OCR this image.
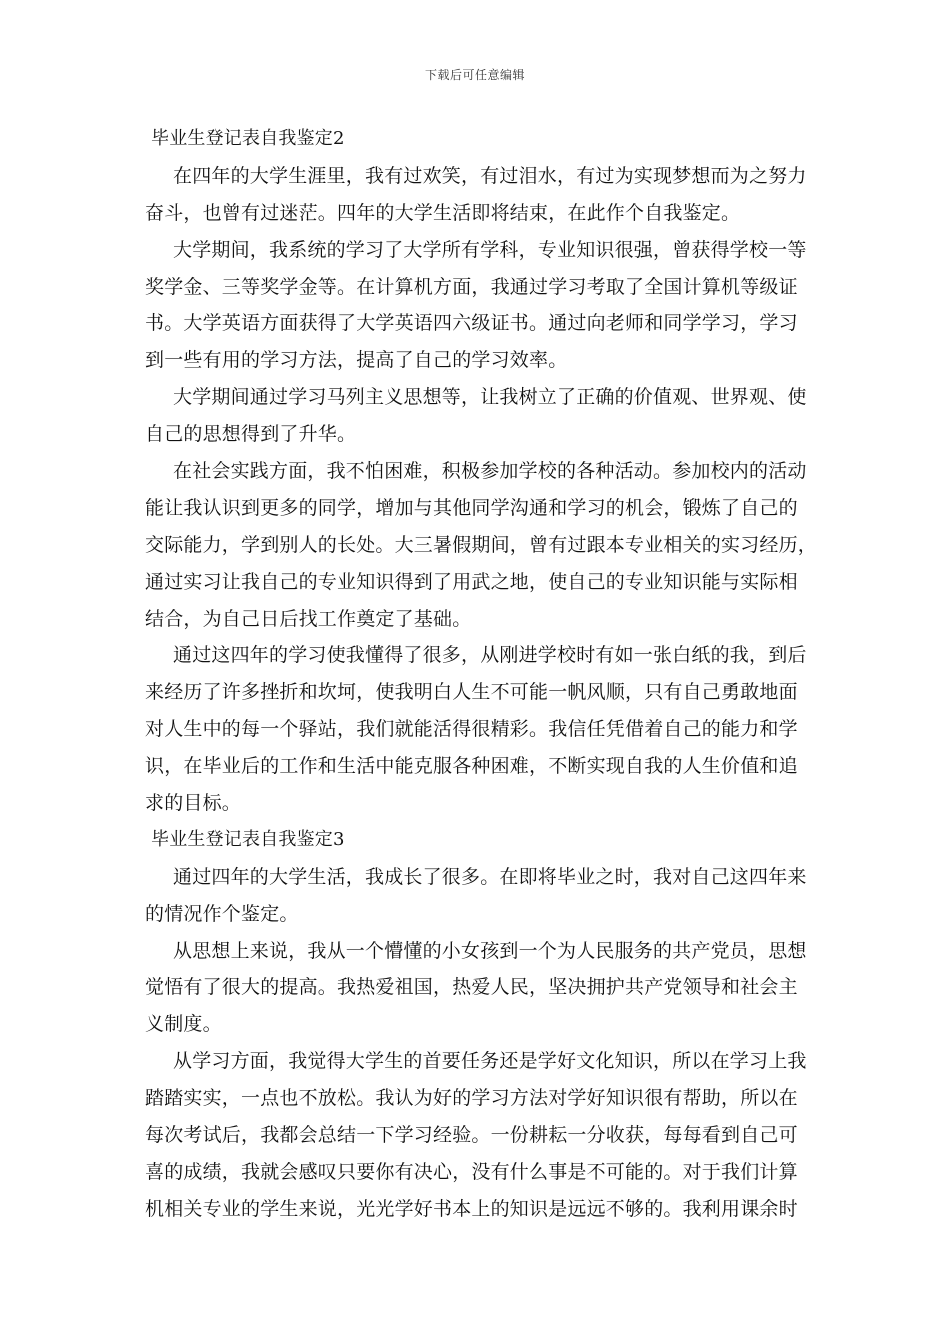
下载后可任意编辑
毕业生登记表自我鉴定2
在四年的大学生涯里，我有过欢笑，有过泪水，有过为实现梦想而为之努力
奋斗，也曾有过迷茫。四年的大学生活即将结束，在此作个自我鉴定。
大学期间，我系统的学习了大学所有学科，专业知识很强，曾获得学校一等
奖学金、三等奖学金等。在计算机方面，我通过学习考取了全国计算机等级证
书。大学英语方面获得了大学英语四六级证书。通过向老师和同学学习，学习
到一些有用的学习方法，提高了自己的学习效率。
大学期间通过学习马列主义思想等，让我树立了正确的价值观、世界观、使
自己的思想得到了升华。
在社会实践方面，我不怕困难，积极参加学校的各种活动。参加校内的活动
能让我认识到更多的同学，增加与其他同学沟通和学习的机会，锻炼了自己的
交际能力，学到别人的长处。大三暑假期间，曾有过跟本专业相关的实习经历，
通过实习让我自己的专业知识得到了用武之地，使自己的专业知识能与实际相
结合，为自己日后找工作奠定了基础。
通过这四年的学习使我懂得了很多，从刚进学校时有如一张白纸的我，到后
来经历了许多挫折和坎坷，使我明白人生不可能一帆风顺，只有自己勇敢地面
对人生中的每一个驿站，我们就能活得很精彩。我信任凭借着自己的能力和学
识，在毕业后的工作和生活中能克服各种困难，不断实现自我的人生价值和追
求的目标。
毕业生登记表自我鉴定3
通过四年的大学生活，我成长了很多。在即将毕业之时，我对自己这四年来
的情况作个鉴定。
从思想上来说，我从一个懵懂的小女孩到一个为人民服务的共产党员，思想
觉悟有了很大的提高。我热爱祖国，热爱人民，坚决拥护共产党领导和社会主
义制度。
从学习方面，我觉得大学生的首要任务还是学好文化知识，所以在学习上我
踏踏实实，一点也不放松。我认为好的学习方法对学好知识很有帮助，所以在
每次考试后，我都会总结一下学习经验。一份耕耘一分收获，每每看到自己可
喜的成绩，我就会感叹只要你有决心，没有什么事是不可能的。对于我们计算
机相关专业的学生来说，光光学好书本上的知识是远远不够的。我利用课余时
